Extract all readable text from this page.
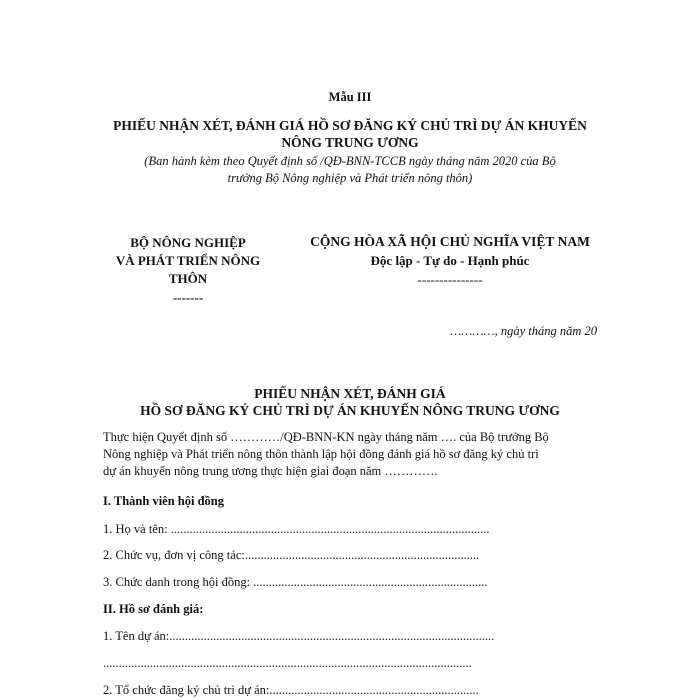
Mẫu III
PHIẾU NHẬN XÉT, ĐÁNH GIÁ HỒ SƠ ĐĂNG KÝ CHỦ TRÌ DỰ ÁN KHUYẾN
NÔNG TRUNG ƯƠNG
(Ban hành kèm theo Quyết định số /QĐ-BNN-TCCB ngày tháng năm 2020 của Bộ
trưởng Bộ Nông nghiệp và Phát triển nông thôn)
BỘ NÔNG NGHIỆP
VÀ PHÁT TRIỂN NÔNG
THÔN
-------
CỘNG HÒA XÃ HỘI CHỦ NGHĨA VIỆT NAM
Độc lập - Tự do - Hạnh phúc
---------------
…………, ngày tháng năm 20
PHIẾU NHẬN XÉT, ĐÁNH GIÁ
HỒ SƠ ĐĂNG KÝ CHỦ TRÌ DỰ ÁN KHUYẾN NÔNG TRUNG ƯƠNG
Thực hiện Quyết định số …………/QĐ-BNN-KN ngày tháng năm …. của Bộ trưởng Bộ
Nông nghiệp và Phát triển nông thôn thành lập hội đồng đánh giá hồ sơ đăng ký chủ trì
dự án khuyến nông trung ương thực hiện giai đoạn năm ………….
I. Thành viên hội đồng
1. Họ và tên: ......................................................................................................
2. Chức vụ, đơn vị công tác:...........................................................................
3. Chức danh trong hội đồng: ...........................................................................
II. Hồ sơ đánh giá:
1. Tên dự án:........................................................................................................
......................................................................................................................
2. Tổ chức đăng ký chủ trì dự án:...................................................................
